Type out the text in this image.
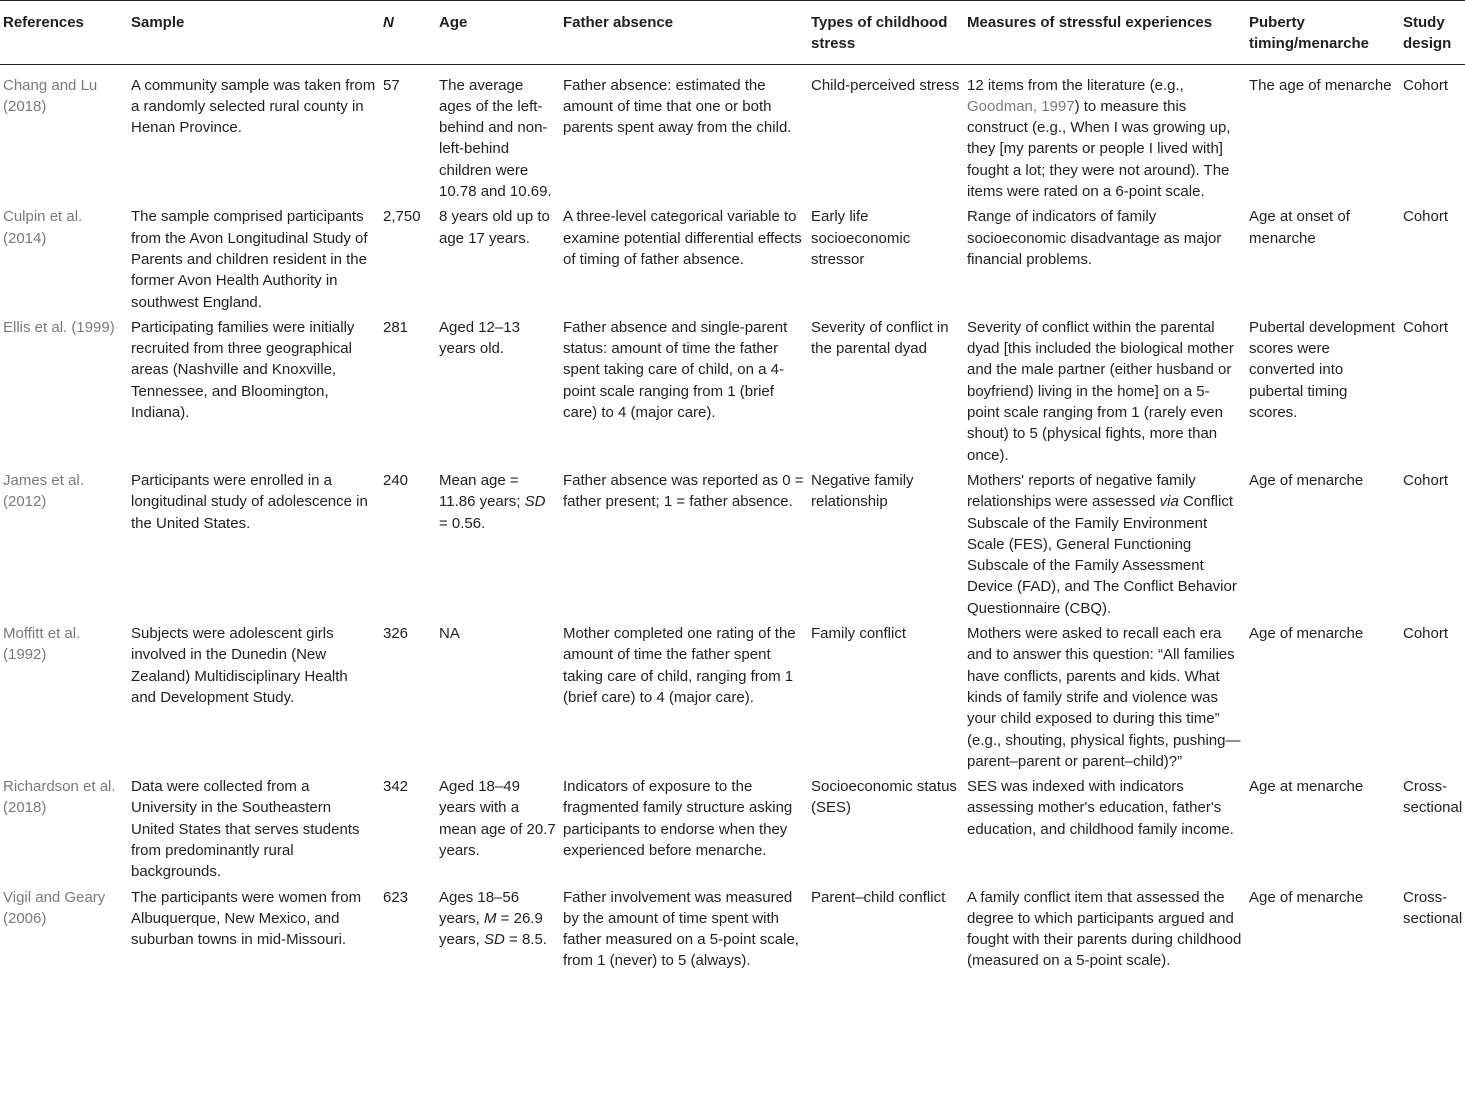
References	Sample	N	Age	Father absence	Types of childhood stress	Measures of stressful experiences	Puberty timing/menarche	Study design
Chang and Lu (2018)	A community sample was taken from a randomly selected rural county in Henan Province.	57	The average ages of the left-behind and non-left-behind children were 10.78 and 10.69.	Father absence: estimated the amount of time that one or both parents spent away from the child.	Child-perceived stress	12 items from the literature (e.g., Goodman, 1997) to measure this construct (e.g., When I was growing up, they [my parents or people I lived with] fought a lot; they were not around). The items were rated on a 6-point scale.	The age of menarche	Cohort
Culpin et al. (2014)	The sample comprised participants from the Avon Longitudinal Study of Parents and children resident in the former Avon Health Authority in southwest England.	2,750	8 years old up to age 17 years.	A three-level categorical variable to examine potential differential effects of timing of father absence.	Early life socioeconomic stressor	Range of indicators of family socioeconomic disadvantage as major financial problems.	Age at onset of menarche	Cohort
Ellis et al. (1999)	Participating families were initially recruited from three geographical areas (Nashville and Knoxville, Tennessee, and Bloomington, Indiana).	281	Aged 12–13 years old.	Father absence and single-parent status: amount of time the father spent taking care of child, on a 4-point scale ranging from 1 (brief care) to 4 (major care).	Severity of conflict in the parental dyad	Severity of conflict within the parental dyad [this included the biological mother and the male partner (either husband or boyfriend) living in the home] on a 5-point scale ranging from 1 (rarely even shout) to 5 (physical fights, more than once).	Pubertal development scores were converted into pubertal timing scores.	Cohort
James et al. (2012)	Participants were enrolled in a longitudinal study of adolescence in the United States.	240	Mean age = 11.86 years; SD = 0.56.	Father absence was reported as 0 = father present; 1 = father absence.	Negative family relationship	Mothers' reports of negative family relationships were assessed via Conflict Subscale of the Family Environment Scale (FES), General Functioning Subscale of the Family Assessment Device (FAD), and The Conflict Behavior Questionnaire (CBQ).	Age of menarche	Cohort
Moffitt et al. (1992)	Subjects were adolescent girls involved in the Dunedin (New Zealand) Multidisciplinary Health and Development Study.	326	NA	Mother completed one rating of the amount of time the father spent taking care of child, ranging from 1 (brief care) to 4 (major care).	Family conflict	Mothers were asked to recall each era and to answer this question: “All families have conflicts, parents and kids. What kinds of family strife and violence was your child exposed to during this time” (e.g., shouting, physical fights, pushing—parent–parent or parent–child)?”	Age of menarche	Cohort
Richardson et al. (2018)	Data were collected from a University in the Southeastern United States that serves students from predominantly rural backgrounds.	342	Aged 18–49 years with a mean age of 20.7 years.	Indicators of exposure to the fragmented family structure asking participants to endorse when they experienced before menarche.	Socioeconomic status (SES)	SES was indexed with indicators assessing mother's education, father's education, and childhood family income.	Age at menarche	Cross-sectional
Vigil and Geary (2006)	The participants were women from Albuquerque, New Mexico, and suburban towns in mid-Missouri.	623	Ages 18–56 years, M = 26.9 years, SD = 8.5.	Father involvement was measured by the amount of time spent with father measured on a 5-point scale, from 1 (never) to 5 (always).	Parent–child conflict	A family conflict item that assessed the degree to which participants argued and fought with their parents during childhood (measured on a 5-point scale).	Age of menarche	Cross-sectional
